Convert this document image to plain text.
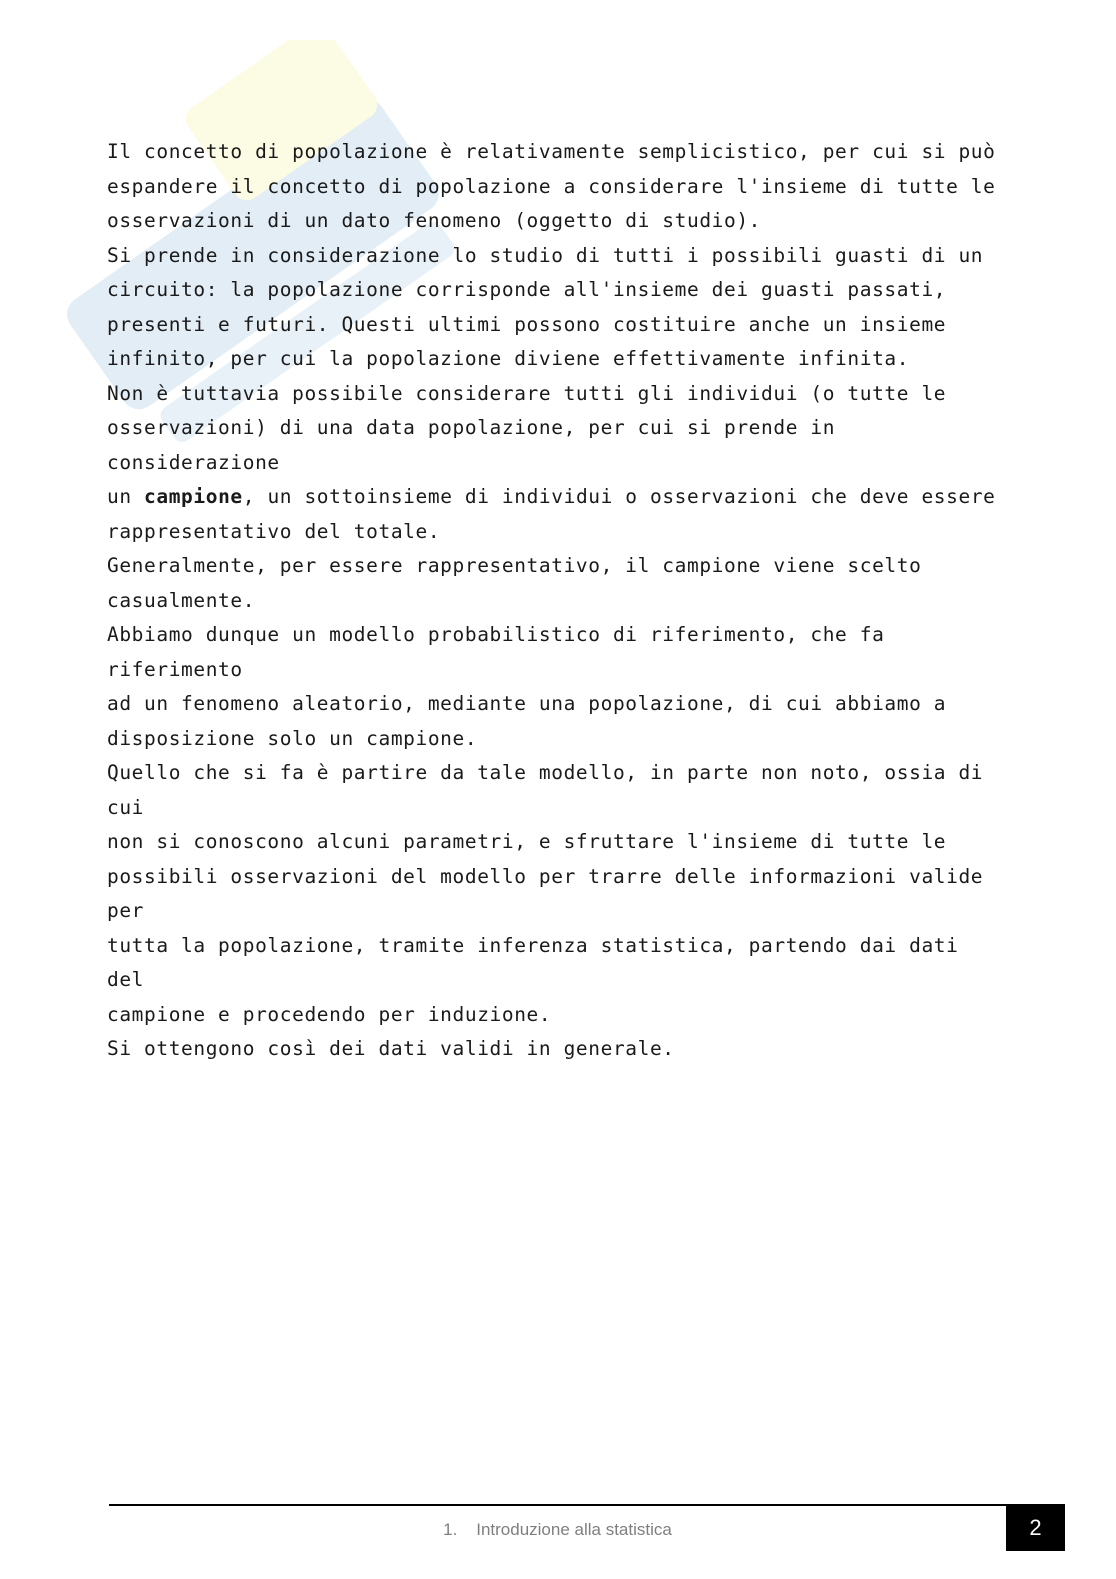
Il concetto di popolazione è relativamente semplicistico, per cui si può
espandere il concetto di popolazione a considerare l'insieme di tutte le
osservazioni di un dato fenomeno (oggetto di studio).

Si prende in considerazione lo studio di tutti i possibili guasti di un
circuito: la popolazione corrisponde all'insieme dei guasti passati,
presenti e futuri. Questi ultimi possono costituire anche un insieme
infinito, per cui la popolazione diviene effettivamente infinita.

Non è tuttavia possibile considerare tutti gli individui (o tutte le
osservazioni) di una data popolazione, per cui si prende in considerazione
un campione, un sottoinsieme di individui o osservazioni che deve essere
rappresentativo del totale.

Generalmente, per essere rappresentativo, il campione viene scelto
casualmente.

Abbiamo dunque un modello probabilistico di riferimento, che fa riferimento
ad un fenomeno aleatorio, mediante una popolazione, di cui abbiamo a
disposizione solo un campione.

Quello che si fa è partire da tale modello, in parte non noto, ossia di cui
non si conoscono alcuni parametri, e sfruttare l'insieme di tutte le
possibili osservazioni del modello per trarre delle informazioni valide per
tutta la popolazione, tramite inferenza statistica, partendo dai dati del
campione e procedendo per induzione.

Si ottengono così dei dati validi in generale.

1. Introduzione alla statistica	2
